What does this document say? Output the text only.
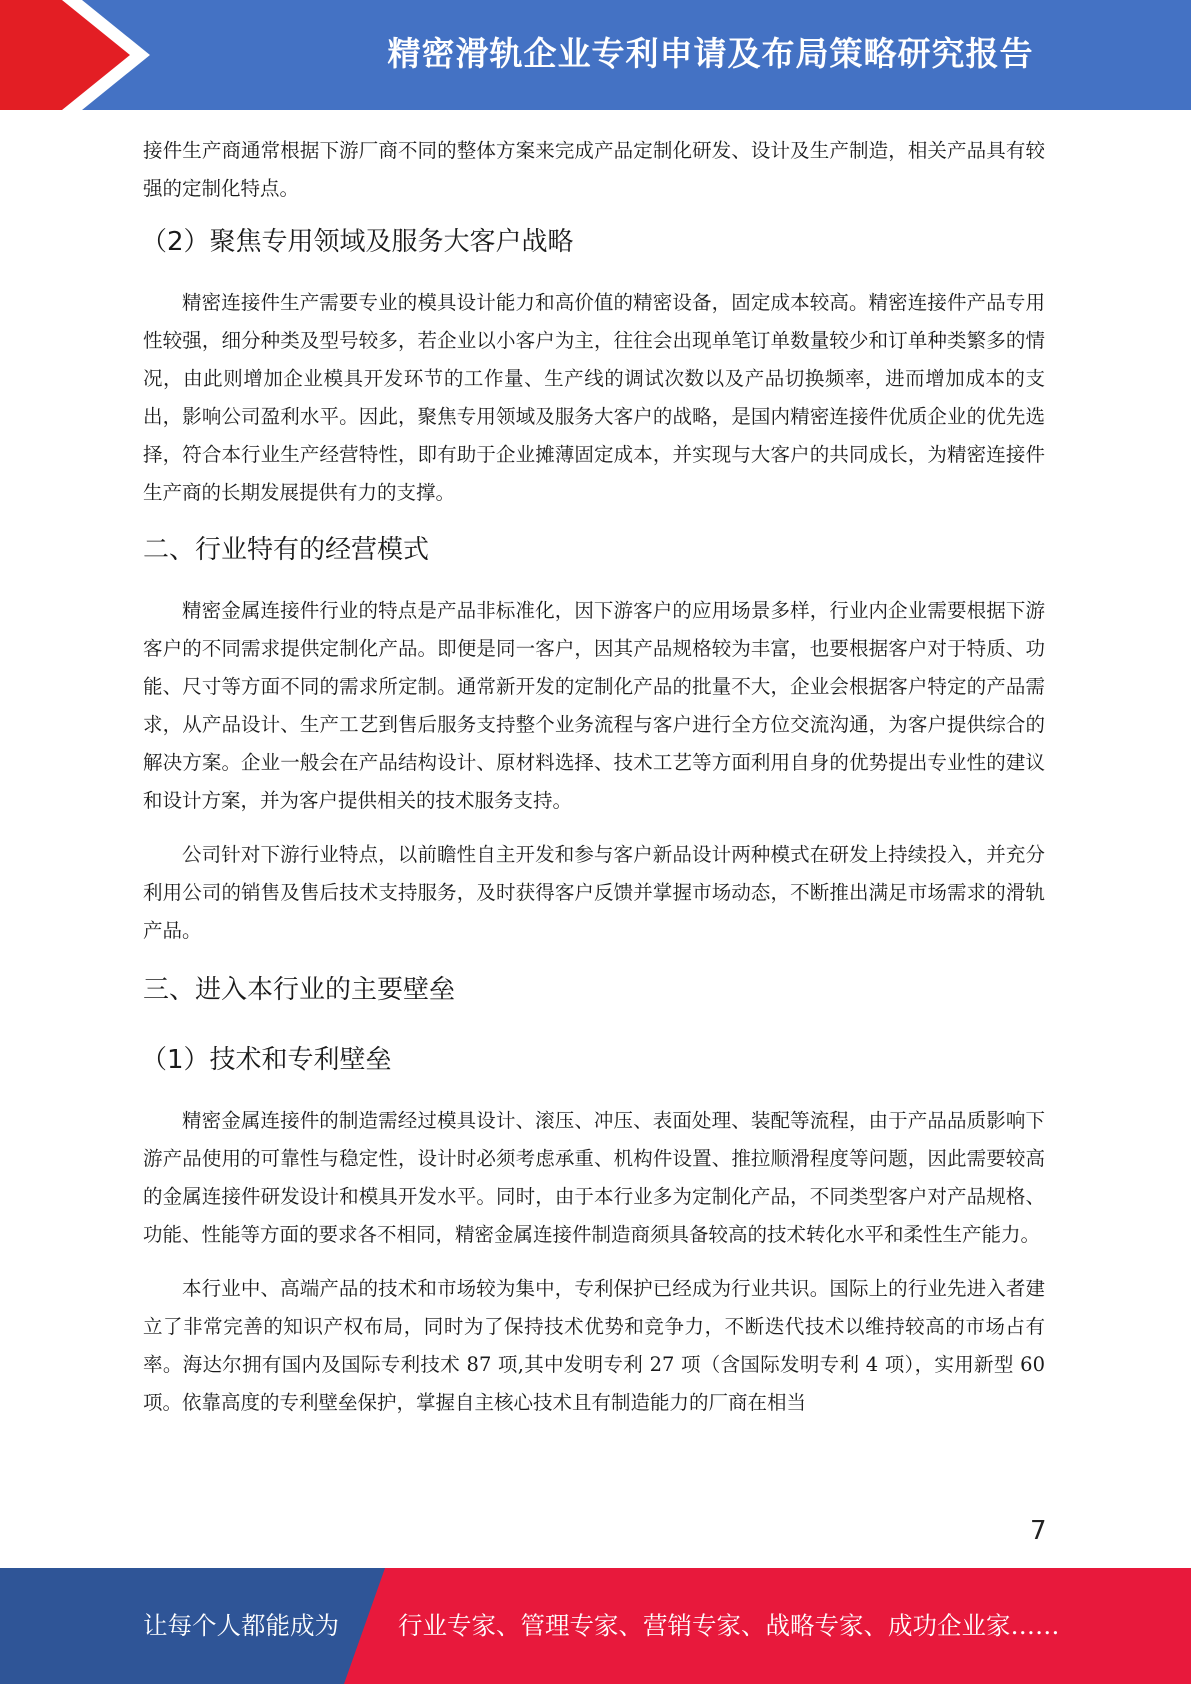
精密滑轨企业专利申请及布局策略研究报告

接件生产商通常根据下游厂商不同的整体方案来完成产品定制化研发、设计及生产制造，相关产品具有较强的定制化特点。

（2）聚焦专用领域及服务大客户战略

精密连接件生产需要专业的模具设计能力和高价值的精密设备，固定成本较高。精密连接件产品专用性较强，细分种类及型号较多，若企业以小客户为主，往往会出现单笔订单数量较少和订单种类繁多的情况，由此则增加企业模具开发环节的工作量、生产线的调试次数以及产品切换频率，进而增加成本的支出，影响公司盈利水平。因此，聚焦专用领域及服务大客户的战略，是国内精密连接件优质企业的优先选择，符合本行业生产经营特性，即有助于企业摊薄固定成本，并实现与大客户的共同成长，为精密连接件生产商的长期发展提供有力的支撑。

二、行业特有的经营模式

精密金属连接件行业的特点是产品非标准化，因下游客户的应用场景多样，行业内企业需要根据下游客户的不同需求提供定制化产品。即便是同一客户，因其产品规格较为丰富，也要根据客户对于特质、功能、尺寸等方面不同的需求所定制。通常新开发的定制化产品的批量不大，企业会根据客户特定的产品需求，从产品设计、生产工艺到售后服务支持整个业务流程与客户进行全方位交流沟通，为客户提供综合的解决方案。企业一般会在产品结构设计、原材料选择、技术工艺等方面利用自身的优势提出专业性的建议和设计方案，并为客户提供相关的技术服务支持。

公司针对下游行业特点，以前瞻性自主开发和参与客户新品设计两种模式在研发上持续投入，并充分利用公司的销售及售后技术支持服务，及时获得客户反馈并掌握市场动态，不断推出满足市场需求的滑轨产品。

三、进入本行业的主要壁垒
（1）技术和专利壁垒

精密金属连接件的制造需经过模具设计、滚压、冲压、表面处理、装配等流程，由于产品品质影响下游产品使用的可靠性与稳定性，设计时必须考虑承重、机构件设置、推拉顺滑程度等问题，因此需要较高的金属连接件研发设计和模具开发水平。同时，由于本行业多为定制化产品，不同类型客户对产品规格、功能、性能等方面的要求各不相同，精密金属连接件制造商须具备较高的技术转化水平和柔性生产能力。

本行业中、高端产品的技术和市场较为集中，专利保护已经成为行业共识。国际上的行业先进入者建立了非常完善的知识产权布局，同时为了保持技术优势和竞争力，不断迭代技术以维持较高的市场占有率。海达尔拥有国内及国际专利技术 87 项,其中发明专利 27 项（含国际发明专利 4 项），实用新型 60 项。依靠高度的专利壁垒保护，掌握自主核心技术且有制造能力的厂商在相当

7
让每个人都能成为 行业专家、管理专家、营销专家、战略专家、成功企业家……
